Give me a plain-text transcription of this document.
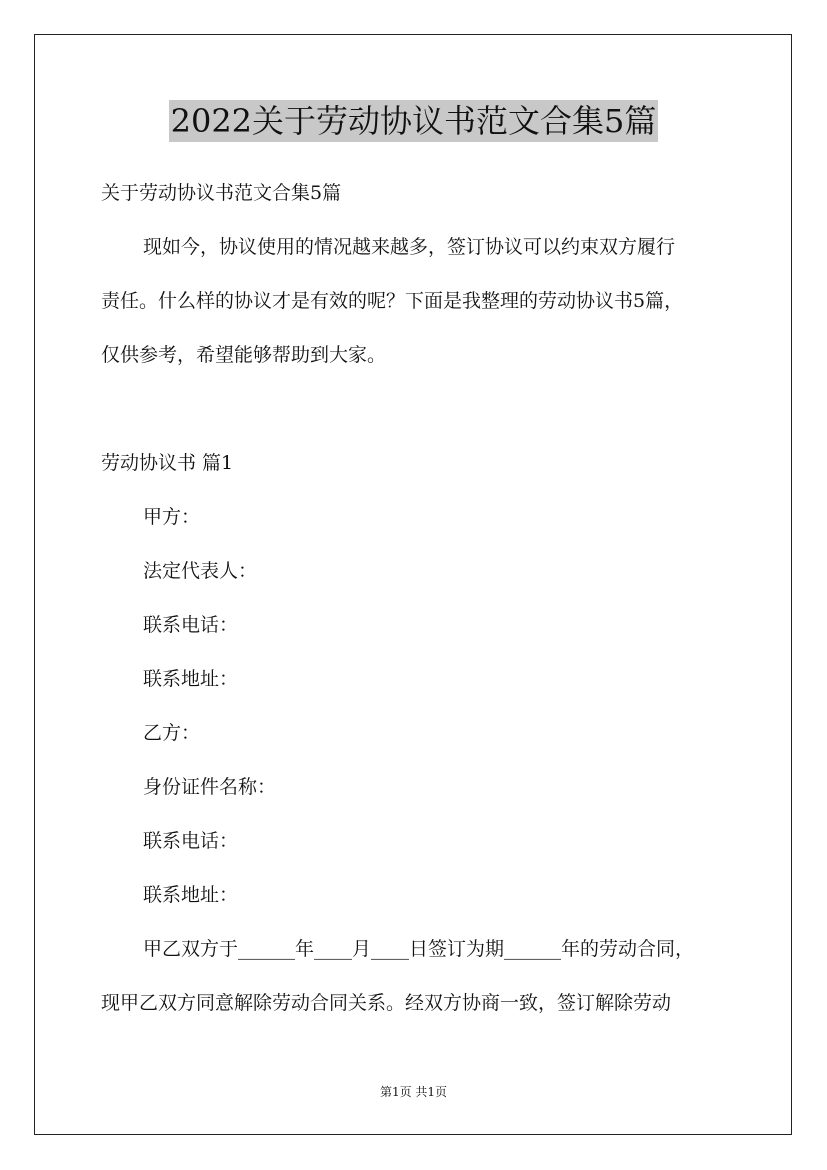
2022关于劳动协议书范文合集5篇
关于劳动协议书范文合集5篇
现如今，协议使用的情况越来越多，签订协议可以约束双方履行
责任。什么样的协议才是有效的呢？下面是我整理的劳动协议书5篇，
仅供参考，希望能够帮助到大家。
劳动协议书 篇1
甲方：
法定代表人：
联系电话：
联系地址：
乙方：
身份证件名称：
联系电话：
联系地址：
甲乙双方于______年____月____日签订为期______年的劳动合同，
现甲乙双方同意解除劳动合同关系。经双方协商一致，签订解除劳动
第1页 共1页
